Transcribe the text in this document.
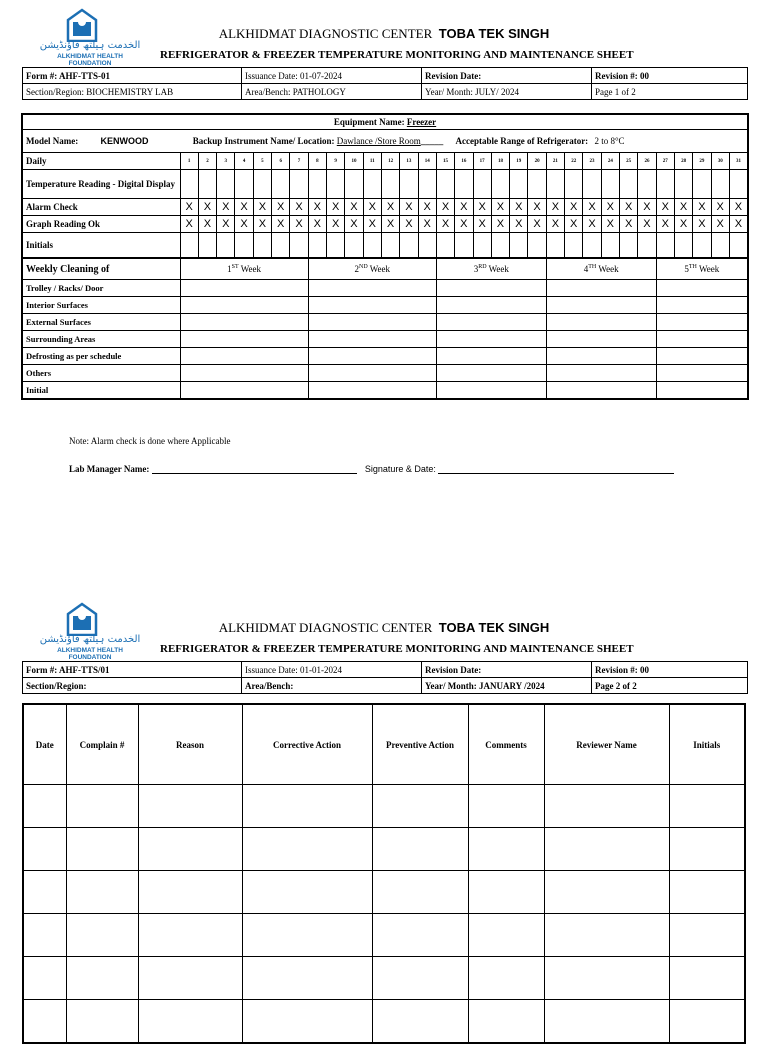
الخدمت ہیلتھ فاؤنڈیشن
ALKHIDMAT HEALTH FOUNDATION
ALKHIDMAT DIAGNOSTIC CENTER TOBA TEK SINGH
REFRIGERATOR & FREEZER TEMPERATURE MONITORING AND MAINTENANCE SHEET
Form #: AHF-TTS-01	Issuance Date: 01-07-2024	Revision Date:	Revision #: 00
Section/Region: BIOCHEMISTRY LAB	Area/Bench: PATHOLOGY	Year/ Month: JULY/ 2024	Page 1 of 2
Equipment Name: Freezer																															
Model Name: KENWOOD Backup Instrument Name/ Location: Dawlance /Store Room_____ Acceptable Range of Refrigerator: 2 to 8°C																															
Daily	1	2	3	4	5	6	7	8	9	10	11	12	13	14	15	16	17	18	19	20	21	22	23	24	25	26	27	28	29	30	31
Temperature Reading - Digital Display																															
Alarm Check	X	X	X	X	X	X	X	X	X	X	X	X	X	X	X	X	X	X	X	X	X	X	X	X	X	X	X	X	X	X	X
Graph Reading Ok	X	X	X	X	X	X	X	X	X	X	X	X	X	X	X	X	X	X	X	X	X	X	X	X	X	X	X	X	X	X	X
Initials																															
Weekly Cleaning of	1ST Week							2ND Week							3RD Week						4TH Week						5TH Week				
Trolley / Racks/ Door																															
Interior Surfaces																															
External Surfaces																															
Surrounding Areas																															
Defrosting as per schedule																															
Others																															
Initial																															
Note: Alarm check is done where Applicable
Lab Manager Name:	Signature & Date:
الخدمت ہیلتھ فاؤنڈیشن
ALKHIDMAT HEALTH FOUNDATION
ALKHIDMAT DIAGNOSTIC CENTER TOBA TEK SINGH
REFRIGERATOR & FREEZER TEMPERATURE MONITORING AND MAINTENANCE SHEET
Form #: AHF-TTS/01	Issuance Date: 01-01-2024	Revision Date:	Revision #: 00
Section/Region:	Area/Bench:	Year/ Month: JANUARY /2024	Page 2 of 2
Date	Complain #	Reason	Corrective Action	Preventive Action	Comments	Reviewer Name	Initials
